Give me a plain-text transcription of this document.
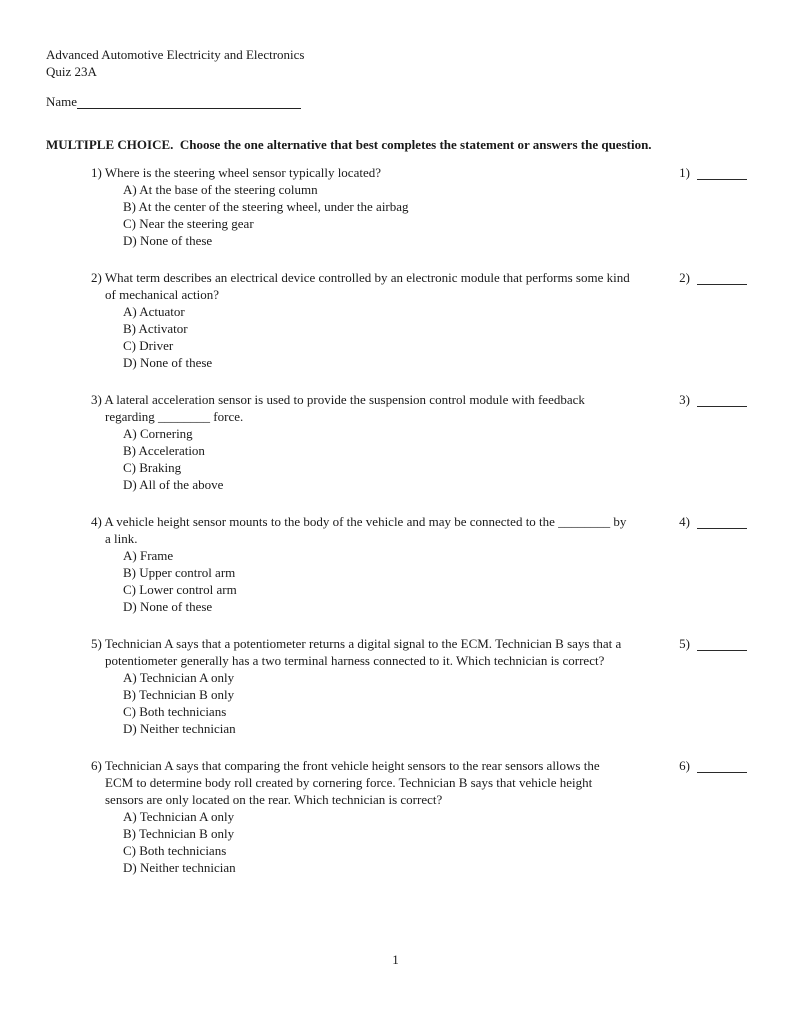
Advanced Automotive Electricity and Electronics
Quiz 23A
Name
MULTIPLE CHOICE.  Choose the one alternative that best completes the statement or answers the question.
1) Where is the steering wheel sensor typically located?
A) At the base of the steering column
B) At the center of the steering wheel, under the airbag
C) Near the steering gear
D) None of these
1)
2) What term describes an electrical device controlled by an electronic module that performs some kind of mechanical action?
A) Actuator
B) Activator
C) Driver
D) None of these
2)
3) A lateral acceleration sensor is used to provide the suspension control module with feedback regarding ________ force.
A) Cornering
B) Acceleration
C) Braking
D) All of the above
3)
4) A vehicle height sensor mounts to the body of the vehicle and may be connected to the ________ by a link.
A) Frame
B) Upper control arm
C) Lower control arm
D) None of these
4)
5) Technician A says that a potentiometer returns a digital signal to the ECM. Technician B says that a potentiometer generally has a two terminal harness connected to it. Which technician is correct?
A) Technician A only
B) Technician B only
C) Both technicians
D) Neither technician
5)
6) Technician A says that comparing the front vehicle height sensors to the rear sensors allows the ECM to determine body roll created by cornering force. Technician B says that vehicle height sensors are only located on the rear. Which technician is correct?
A) Technician A only
B) Technician B only
C) Both technicians
D) Neither technician
6)
1
